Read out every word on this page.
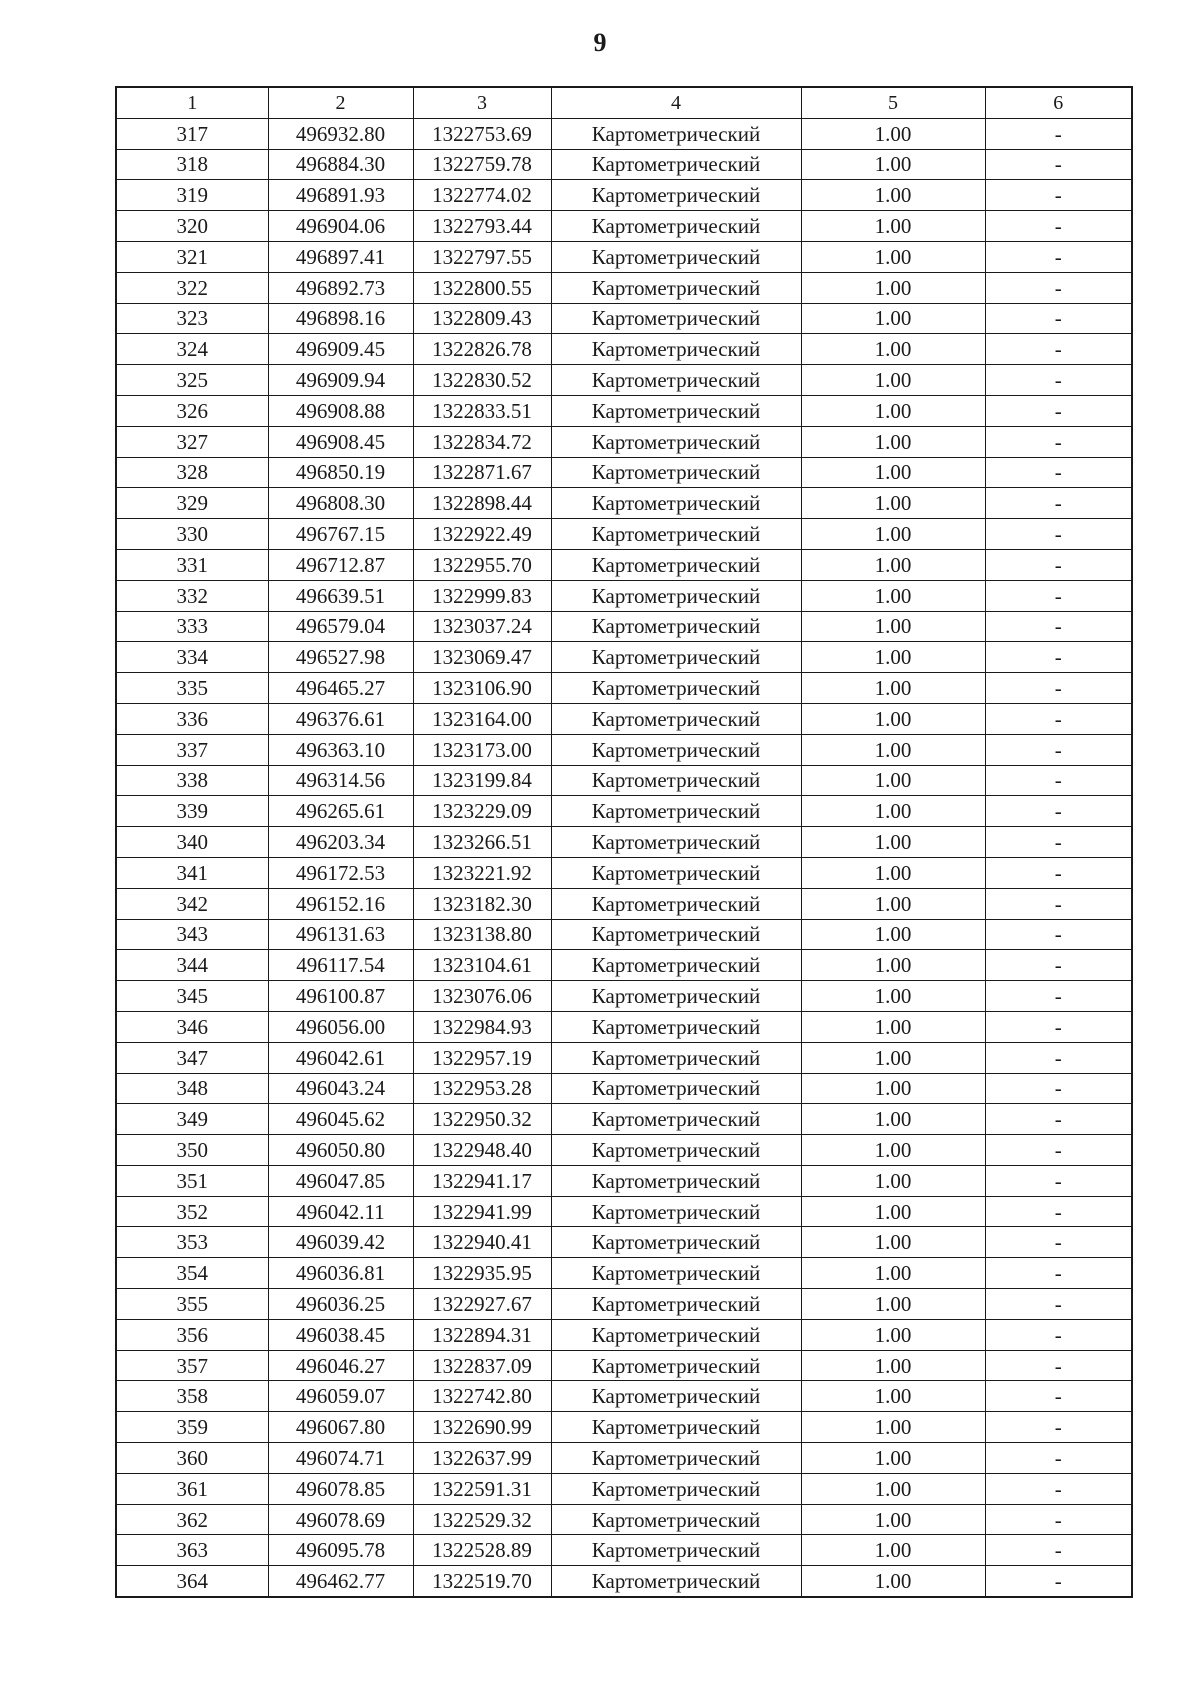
9
1	2	3	4	5	6
317	496932.80	1322753.69	Картометрический	1.00	-
318	496884.30	1322759.78	Картометрический	1.00	-
319	496891.93	1322774.02	Картометрический	1.00	-
320	496904.06	1322793.44	Картометрический	1.00	-
321	496897.41	1322797.55	Картометрический	1.00	-
322	496892.73	1322800.55	Картометрический	1.00	-
323	496898.16	1322809.43	Картометрический	1.00	-
324	496909.45	1322826.78	Картометрический	1.00	-
325	496909.94	1322830.52	Картометрический	1.00	-
326	496908.88	1322833.51	Картометрический	1.00	-
327	496908.45	1322834.72	Картометрический	1.00	-
328	496850.19	1322871.67	Картометрический	1.00	-
329	496808.30	1322898.44	Картометрический	1.00	-
330	496767.15	1322922.49	Картометрический	1.00	-
331	496712.87	1322955.70	Картометрический	1.00	-
332	496639.51	1322999.83	Картометрический	1.00	-
333	496579.04	1323037.24	Картометрический	1.00	-
334	496527.98	1323069.47	Картометрический	1.00	-
335	496465.27	1323106.90	Картометрический	1.00	-
336	496376.61	1323164.00	Картометрический	1.00	-
337	496363.10	1323173.00	Картометрический	1.00	-
338	496314.56	1323199.84	Картометрический	1.00	-
339	496265.61	1323229.09	Картометрический	1.00	-
340	496203.34	1323266.51	Картометрический	1.00	-
341	496172.53	1323221.92	Картометрический	1.00	-
342	496152.16	1323182.30	Картометрический	1.00	-
343	496131.63	1323138.80	Картометрический	1.00	-
344	496117.54	1323104.61	Картометрический	1.00	-
345	496100.87	1323076.06	Картометрический	1.00	-
346	496056.00	1322984.93	Картометрический	1.00	-
347	496042.61	1322957.19	Картометрический	1.00	-
348	496043.24	1322953.28	Картометрический	1.00	-
349	496045.62	1322950.32	Картометрический	1.00	-
350	496050.80	1322948.40	Картометрический	1.00	-
351	496047.85	1322941.17	Картометрический	1.00	-
352	496042.11	1322941.99	Картометрический	1.00	-
353	496039.42	1322940.41	Картометрический	1.00	-
354	496036.81	1322935.95	Картометрический	1.00	-
355	496036.25	1322927.67	Картометрический	1.00	-
356	496038.45	1322894.31	Картометрический	1.00	-
357	496046.27	1322837.09	Картометрический	1.00	-
358	496059.07	1322742.80	Картометрический	1.00	-
359	496067.80	1322690.99	Картометрический	1.00	-
360	496074.71	1322637.99	Картометрический	1.00	-
361	496078.85	1322591.31	Картометрический	1.00	-
362	496078.69	1322529.32	Картометрический	1.00	-
363	496095.78	1322528.89	Картометрический	1.00	-
364	496462.77	1322519.70	Картометрический	1.00	-
